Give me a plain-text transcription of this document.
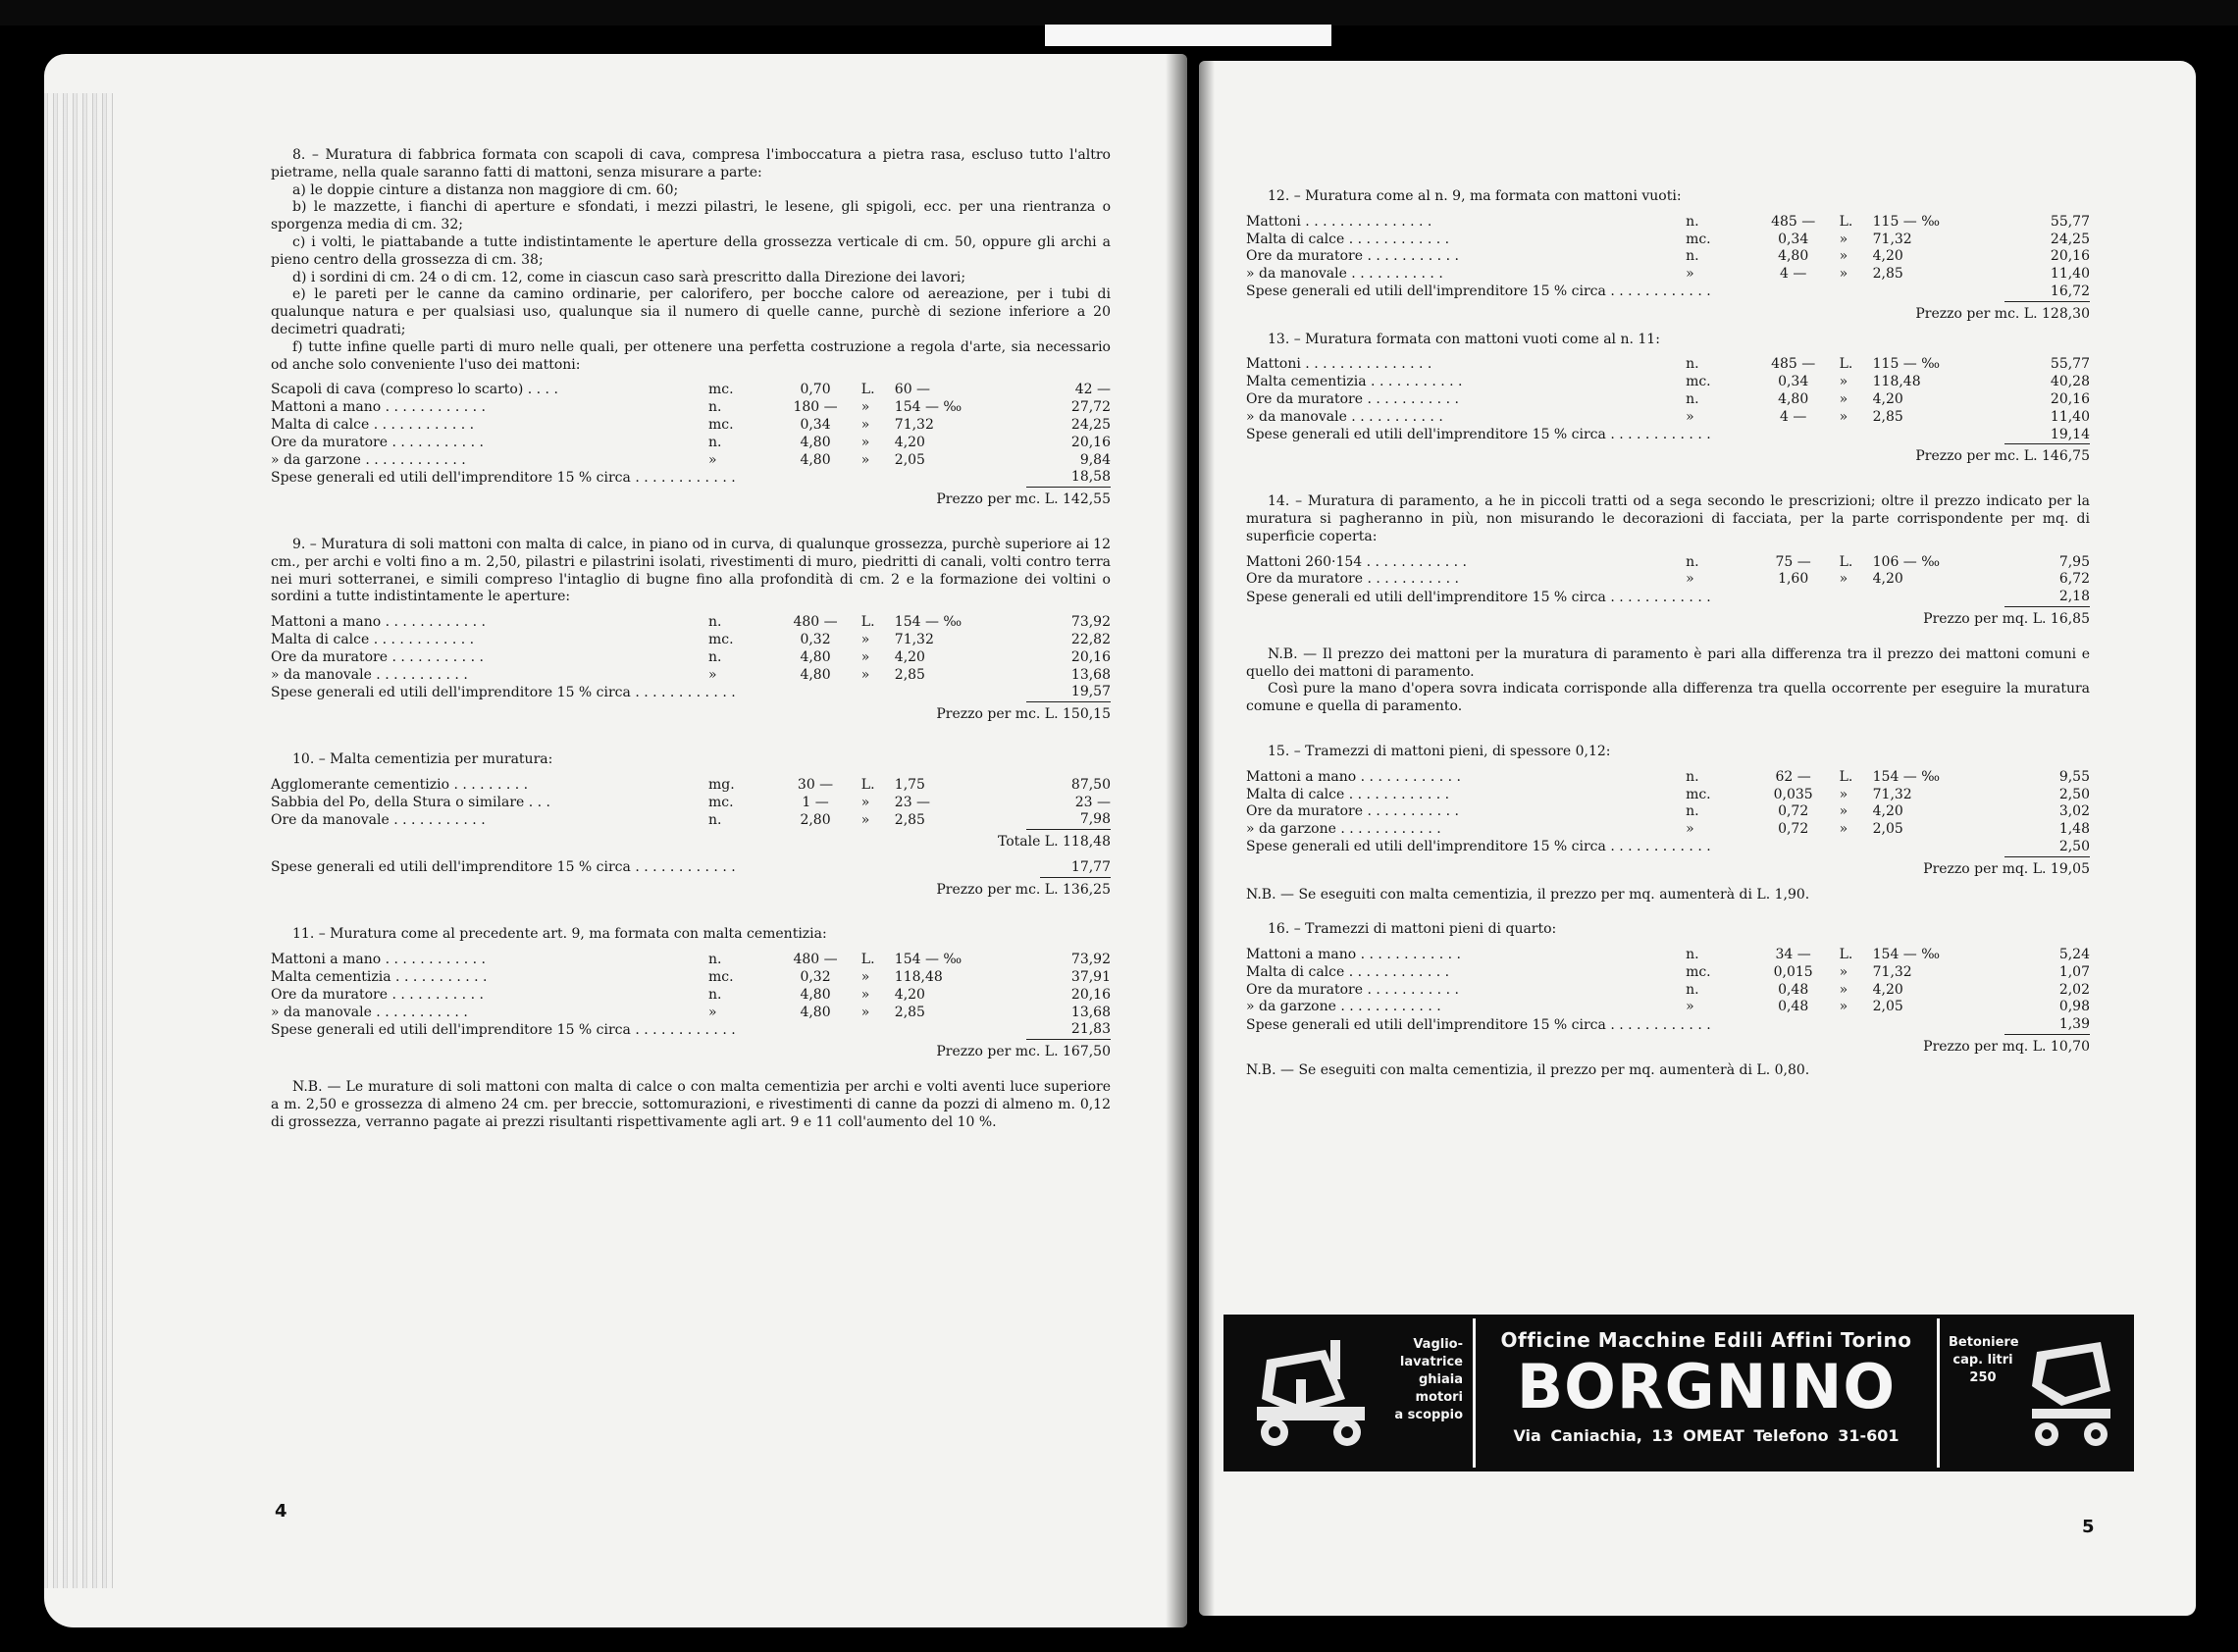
8. – Muratura di fabbrica formata con scapoli di cava, compresa l'imboccatura a pietra rasa, escluso tutto l'altro pietrame, nella quale saranno fatti di mattoni, senza misurare a parte:

a) le doppie cinture a distanza non maggiore di cm. 60;

b) le mazzette, i fianchi di aperture e sfondati, i mezzi pilastri, le lesene, gli spigoli, ecc. per una rientranza o sporgenza media di cm. 32;

c) i volti, le piattabande a tutte indistintamente le aperture della grossezza verticale di cm. 50, oppure gli archi a pieno centro della grossezza di cm. 38;

d) i sordini di cm. 24 o di cm. 12, come in ciascun caso sarà prescritto dalla Direzione dei lavori;

e) le pareti per le canne da camino ordinarie, per calorifero, per bocche calore od aereazione, per i tubi di qualunque natura e per qualsiasi uso, qualunque sia il numero di quelle canne, purchè di sezione inferiore a 20 decimetri quadrati;

f) tutte infine quelle parti di muro nelle quali, per ottenere una perfetta costruzione a regola d'arte, sia necessario od anche solo conveniente l'uso dei mattoni:

Scapoli di cava (compreso lo scarto) . . . .	mc.	0,70	L. 60 —	42 —
Mattoni a mano . . . . . . . . . . . .	n.	180 —	» 154 — ‰	27,72
Malta di calce . . . . . . . . . . . .	mc.	0,34	» 71,32	24,25
Ore da muratore . . . . . . . . . . .	n.	4,80	» 4,20	20,16
» da garzone . . . . . . . . . . . .	»	4,80	» 2,05	9,84
Spese generali ed utili dell'imprenditore 15 % circa . . . . . . . . . . . .				18,58
Prezzo per mc. L. 142,55

9. – Muratura di soli mattoni con malta di calce, in piano od in curva, di qualunque grossezza, purchè superiore ai 12 cm., per archi e volti fino a m. 2,50, pilastri e pilastrini isolati, rivestimenti di muro, piedritti di canali, volti contro terra nei muri sotterranei, e simili compreso l'intaglio di bugne fino alla profondità di cm. 2 e la formazione dei voltini o sordini a tutte indistintamente le aperture:

Mattoni a mano . . . . . . . . . . . .	n.	480 —	L. 154 — ‰	73,92
Malta di calce . . . . . . . . . . . .	mc.	0,32	» 71,32	22,82
Ore da muratore . . . . . . . . . . .	n.	4,80	» 4,20	20,16
» da manovale . . . . . . . . . . .	»	4,80	» 2,85	13,68
Spese generali ed utili dell'imprenditore 15 % circa . . . . . . . . . . . .				19,57
Prezzo per mc. L. 150,15

10. – Malta cementizia per muratura:

Agglomerante cementizio . . . . . . . . .	mg.	30 —	L. 1,75	87,50
Sabbia del Po, della Stura o similare . . .	mc.	1 —	» 23 —	23 —
Ore da manovale . . . . . . . . . . .	n.	2,80	» 2,85	7,98
Totale L. 118,48
Spese generali ed utili dell'imprenditore 15 % circa . . . . . . . . . . . .	17,77
Prezzo per mc. L. 136,25

11. – Muratura come al precedente art. 9, ma formata con malta cementizia:

Mattoni a mano . . . . . . . . . . . .	n.	480 —	L. 154 — ‰	73,92
Malta cementizia . . . . . . . . . . .	mc.	0,32	» 118,48	37,91
Ore da muratore . . . . . . . . . . .	n.	4,80	» 4,20	20,16
» da manovale . . . . . . . . . . .	»	4,80	» 2,85	13,68
Spese generali ed utili dell'imprenditore 15 % circa . . . . . . . . . . . .				21,83
Prezzo per mc. L. 167,50

N.B. — Le murature di soli mattoni con malta di calce o con malta cementizia per archi e volti aventi luce superiore a m. 2,50 e grossezza di almeno 24 cm. per breccie, sottomurazioni, e rivestimenti di canne da pozzi di almeno m. 0,12 di grossezza, verranno pagate ai prezzi risultanti rispettivamente agli art. 9 e 11 coll'aumento del 10 %.

4

12. – Muratura come al n. 9, ma formata con mattoni vuoti:

Mattoni . . . . . . . . . . . . . . .	n.	485 —	L. 115 — ‰	55,77
Malta di calce . . . . . . . . . . . .	mc.	0,34	» 71,32	24,25
Ore da muratore . . . . . . . . . . .	n.	4,80	» 4,20	20,16
» da manovale . . . . . . . . . . .	»	4 —	» 2,85	11,40
Spese generali ed utili dell'imprenditore 15 % circa . . . . . . . . . . . .				16,72
Prezzo per mc. L. 128,30

13. – Muratura formata con mattoni vuoti come al n. 11:

Mattoni . . . . . . . . . . . . . . .	n.	485 —	L. 115 — ‰	55,77
Malta cementizia . . . . . . . . . . .	mc.	0,34	» 118,48	40,28
Ore da muratore . . . . . . . . . . .	n.	4,80	» 4,20	20,16
» da manovale . . . . . . . . . . .	»	4 —	» 2,85	11,40
Spese generali ed utili dell'imprenditore 15 % circa . . . . . . . . . . . .				19,14
Prezzo per mc. L. 146,75

14. – Muratura di paramento, a he in piccoli tratti od a sega secondo le prescrizioni; oltre il prezzo indicato per la muratura si pagheranno in più, non misurando le decorazioni di facciata, per la parte corrispondente per mq. di superficie coperta:

Mattoni 260·154 . . . . . . . . . . . .	n.	75 —	L. 106 — ‰	7,95
Ore da muratore . . . . . . . . . . .	»	1,60	» 4,20	6,72
Spese generali ed utili dell'imprenditore 15 % circa . . . . . . . . . . . .				2,18
Prezzo per mq. L. 16,85

N.B. — Il prezzo dei mattoni per la muratura di paramento è pari alla differenza tra il prezzo dei mattoni comuni e quello dei mattoni di paramento.

Così pure la mano d'opera sovra indicata corrisponde alla differenza tra quella occorrente per eseguire la muratura comune e quella di paramento.

15. – Tramezzi di mattoni pieni, di spessore 0,12:

Mattoni a mano . . . . . . . . . . . .	n.	62 —	L. 154 — ‰	9,55
Malta di calce . . . . . . . . . . . .	mc.	0,035	» 71,32	2,50
Ore da muratore . . . . . . . . . . .	n.	0,72	» 4,20	3,02
» da garzone . . . . . . . . . . . .	»	0,72	» 2,05	1,48
Spese generali ed utili dell'imprenditore 15 % circa . . . . . . . . . . . .				2,50
Prezzo per mq. L. 19,05

N.B. — Se eseguiti con malta cementizia, il prezzo per mq. aumenterà di L. 1,90.

16. – Tramezzi di mattoni pieni di quarto:

Mattoni a mano . . . . . . . . . . . .	n.	34 —	L. 154 — ‰	5,24
Malta di calce . . . . . . . . . . . .	mc.	0,015	» 71,32	1,07
Ore da muratore . . . . . . . . . . .	n.	0,48	» 4,20	2,02
» da garzone . . . . . . . . . . . .	»	0,48	» 2,05	0,98
Spese generali ed utili dell'imprenditore 15 % circa . . . . . . . . . . . .				1,39
Prezzo per mq. L. 10,70

N.B. — Se eseguiti con malta cementizia, il prezzo per mq. aumenterà di L. 0,80.

Vaglio-
lavatrice
ghiaia
motori
a scoppio
Officine Macchine Edili Affini Torino
BORGNINO
Via Caniachia, 13 OMEAT Telefono 31-601
Betoniere
cap. litri
250
5
